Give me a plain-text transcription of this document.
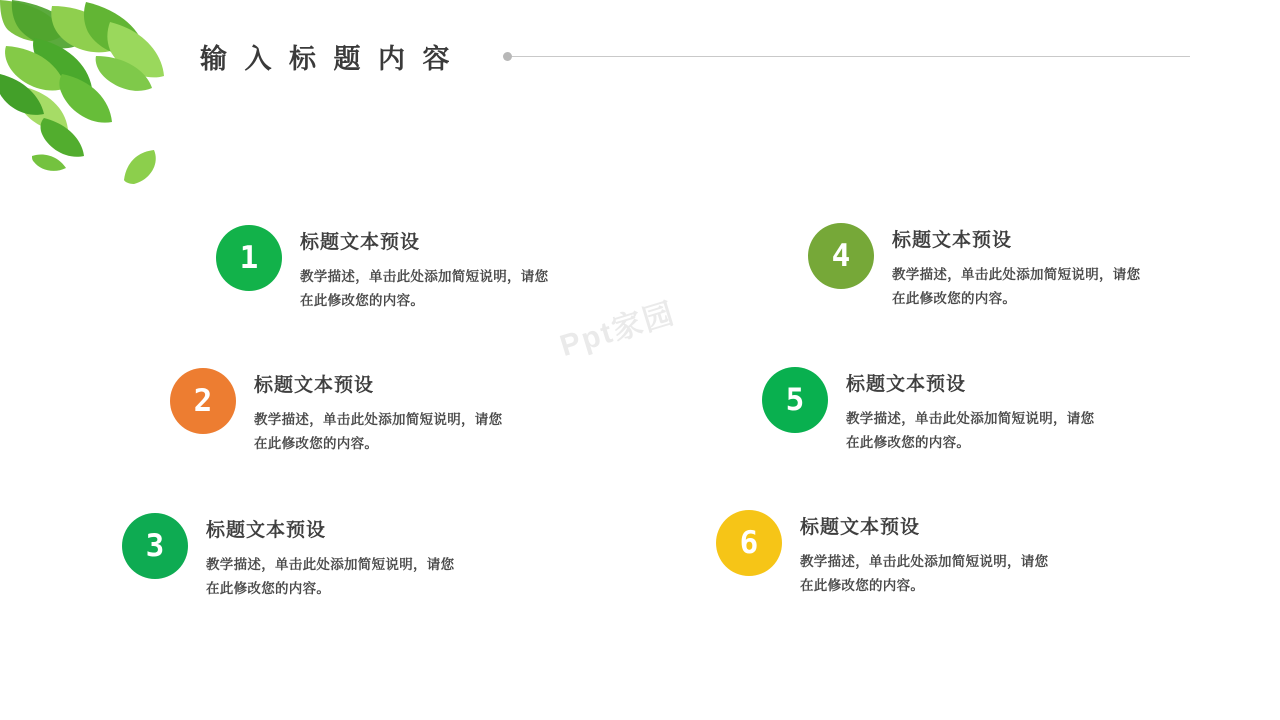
输 入 标 题 内 容
Ppt家园
1	标题文本预设
教学描述，单击此处添加简短说明，请您
在此修改您的内容。
2	标题文本预设
教学描述，单击此处添加简短说明，请您
在此修改您的内容。
3	标题文本预设
教学描述，单击此处添加简短说明，请您
在此修改您的内容。
4	标题文本预设
教学描述，单击此处添加简短说明，请您
在此修改您的内容。
5	标题文本预设
教学描述，单击此处添加简短说明，请您
在此修改您的内容。
6	标题文本预设
教学描述，单击此处添加简短说明，请您
在此修改您的内容。
